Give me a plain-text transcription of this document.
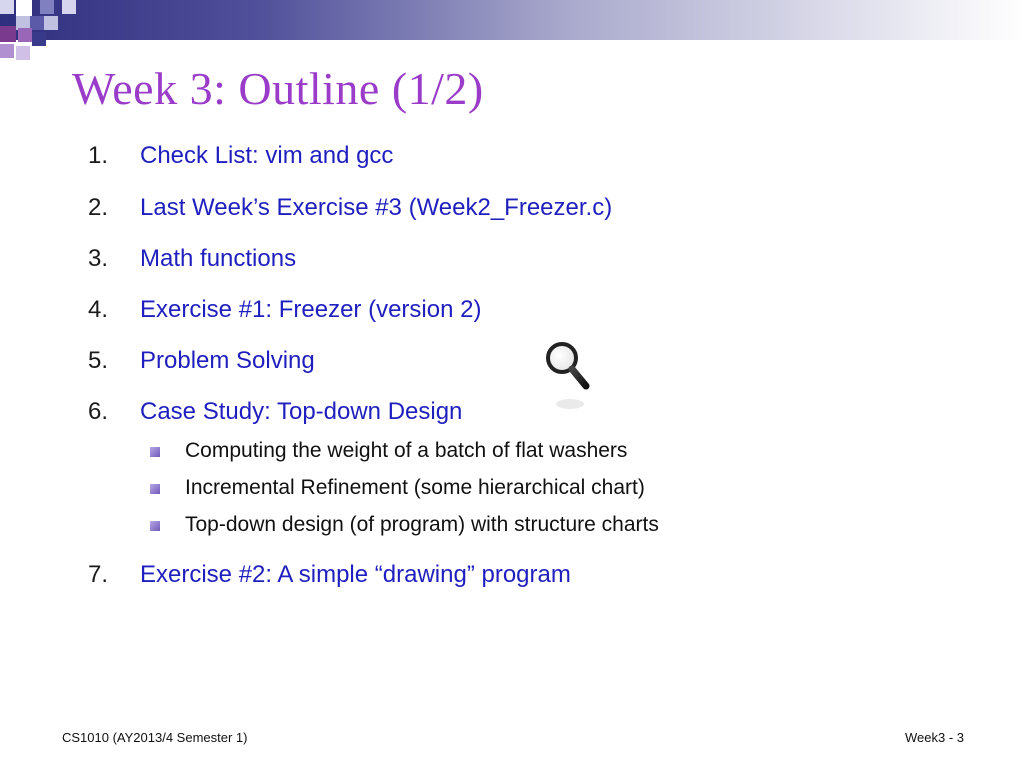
Week 3: Outline (1/2)
1.	Check List: vim and gcc
2.	Last Week’s Exercise #3 (Week2_Freezer.c)
3.	Math functions
4.	Exercise #1: Freezer (version 2)
5.	Problem Solving
6.	Case Study: Top-down Design
Computing the weight of a batch of flat washers
Incremental Refinement (some hierarchical chart)
Top-down design (of program) with structure charts
7.	Exercise #2: A simple “drawing” program
CS1010 (AY2013/4 Semester 1)	Week3 - 3
